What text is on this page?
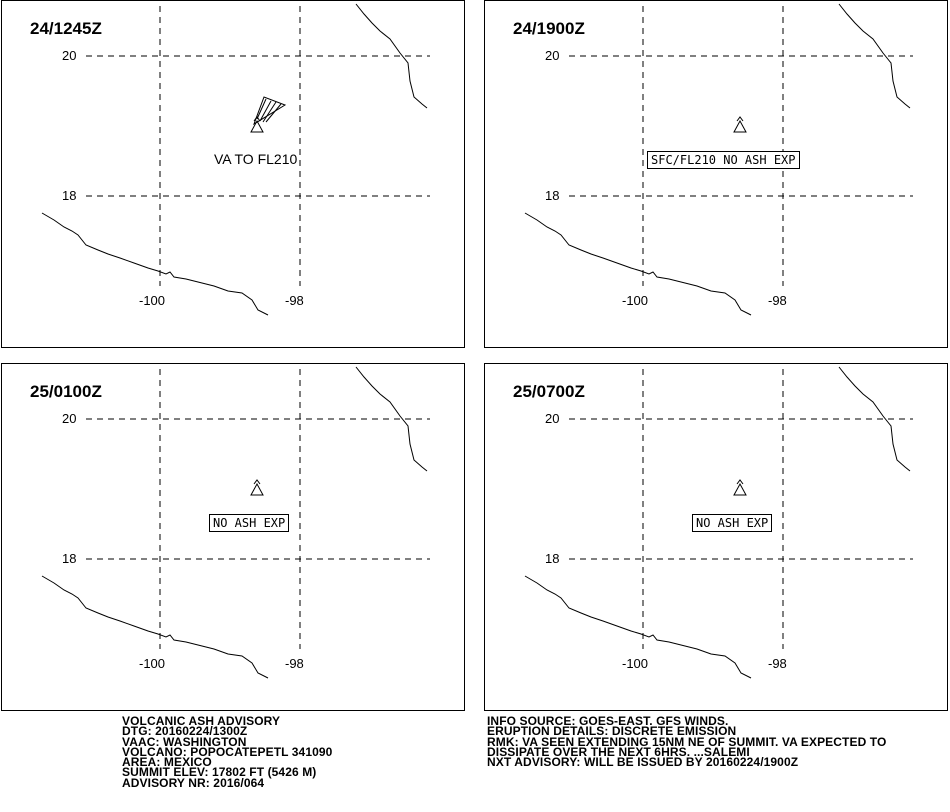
24/1245Z
20
18
-100	-98
VA TO FL210
24/1900Z
20
18
-100	-98
SFC/FL210 NO ASH EXP
25/0100Z
20
18
-100	-98
NO ASH EXP
25/0700Z
20
18
-100	-98
NO ASH EXP
VOLCANIC ASH ADVISORY
DTG: 20160224/1300Z
VAAC: WASHINGTON
VOLCANO: POPOCATEPETL 341090
AREA: MEXICO
SUMMIT ELEV: 17802 FT (5426 M)
ADVISORY NR: 2016/064
INFO SOURCE: GOES-EAST. GFS WINDS.
ERUPTION DETAILS: DISCRETE EMISSION
RMK: VA SEEN EXTENDING 15NM NE OF SUMMIT. VA EXPECTED TO
DISSIPATE OVER THE NEXT 6HRS. ...SALEMI
NXT ADVISORY: WILL BE ISSUED BY 20160224/1900Z
